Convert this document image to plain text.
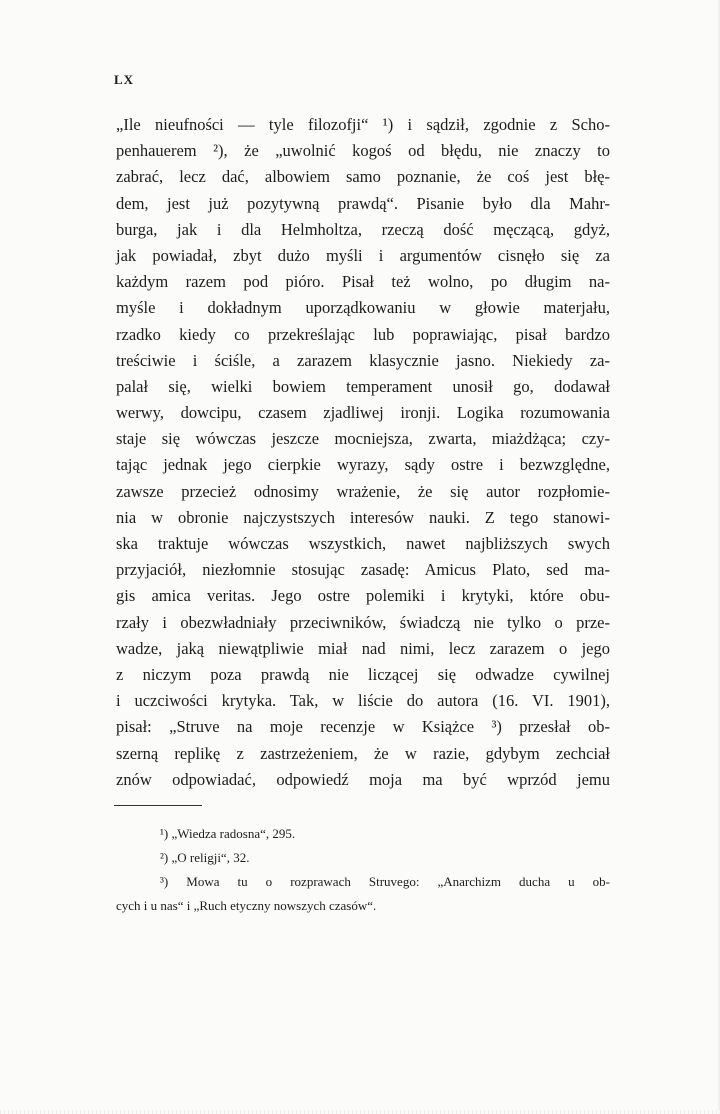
LX
„Ile nieufności — tyle filozofji“ ¹) i sądził, zgodnie z Scho-
penhauerem ²), że „uwolnić kogoś od błędu, nie znaczy to
zabrać, lecz dać, albowiem samo poznanie, że coś jest błę-
dem, jest już pozytywną prawdą“. Pisanie było dla Mahr-
burga, jak i dla Helmholtza, rzeczą dość męczącą, gdyż,
jak powiadał, zbyt dużo myśli i argumentów cisnęło się za
każdym razem pod pióro. Pisał też wolno, po długim na-
myśle i dokładnym uporządkowaniu w głowie materjału,
rzadko kiedy co przekreślając lub poprawiając, pisał bardzo
treściwie i ściśle, a zarazem klasycznie jasno. Niekiedy za-
palał się, wielki bowiem temperament unosił go, dodawał
werwy, dowcipu, czasem zjadliwej ironji. Logika rozumowania
staje się wówczas jeszcze mocniejsza, zwarta, miażdżąca; czy-
tając jednak jego cierpkie wyrazy, sądy ostre i bezwzględne,
zawsze przecież odnosimy wrażenie, że się autor rozpłomie-
nia w obronie najczystszych interesów nauki. Z tego stanowi-
ska traktuje wówczas wszystkich, nawet najbliższych swych
przyjaciół, niezłomnie stosując zasadę: Amicus Plato, sed ma-
gis amica veritas. Jego ostre polemiki i krytyki, które obu-
rzały i obezwładniały przeciwników, świadczą nie tylko o prze-
wadze, jaką niewątpliwie miał nad nimi, lecz zarazem o jego
z niczym poza prawdą nie liczącej się odwadze cywilnej
i uczciwości krytyka. Tak, w liście do autora (16. VI. 1901),
pisał: „Struve na moje recenzje w Książce ³) przesłał ob-
szerną replikę z zastrzeżeniem, że w razie, gdybym zechciał
znów odpowiadać, odpowiedź moja ma być wprzód jemu
¹) „Wiedza radosna“, 295.
²) „O religji“, 32.
³) Mowa tu o rozprawach Struvego: „Anarchizm ducha u ob-
cych i u nas“ i „Ruch etyczny nowszych czasów“.
